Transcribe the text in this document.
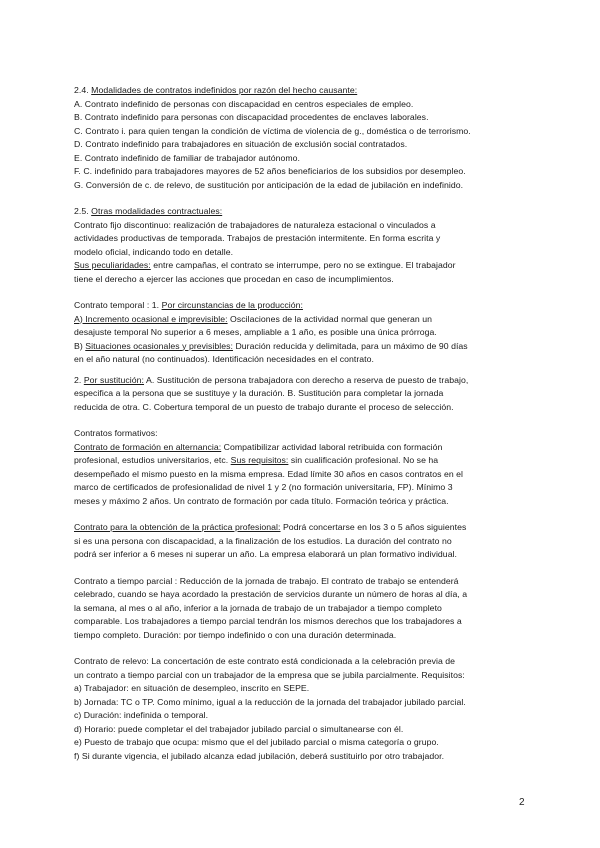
2.4. Modalidades de contratos indefinidos por razón del hecho causante:
A. Contrato indefinido de personas con discapacidad en centros especiales de empleo.
B. Contrato indefinido para personas con discapacidad procedentes de enclaves laborales.
C. Contrato i. para quien tengan la condición de víctima de violencia de g., doméstica o de terrorismo.
D. Contrato indefinido para trabajadores en situación de exclusión social contratados.
E. Contrato indefinido de familiar de trabajador autónomo.
F. C. indefinido para trabajadores mayores de 52 años beneficiarios de los subsidios por desempleo.
G. Conversión de c. de relevo, de sustitución por anticipación de la edad de jubilación en indefinido.
2.5. Otras modalidades contractuales:
Contrato fijo discontinuo: realización de trabajadores de naturaleza estacional o vinculados a
actividades productivas de temporada. Trabajos de prestación intermitente. En forma escrita y
modelo oficial, indicando todo en detalle.
Sus peculiaridades: entre campañas, el contrato se interrumpe, pero no se extingue. El trabajador
tiene el derecho a ejercer las acciones que procedan en caso de incumplimientos.
Contrato temporal : 1. Por circunstancias de la producción:
A) Incremento ocasional e imprevisible: Oscilaciones de la actividad normal que generan un
desajuste temporal No superior a 6 meses, ampliable a 1 año, es posible una única prórroga.
B) Situaciones ocasionales y previsibles: Duración reducida y delimitada, para un máximo de 90 días
en el año natural (no continuados). Identificación necesidades en el contrato.
2. Por sustitución: A. Sustitución de persona trabajadora con derecho a reserva de puesto de trabajo,
especifica a la persona que se sustituye y la duración. B. Sustitución para completar la jornada
reducida de otra. C. Cobertura temporal de un puesto de trabajo durante el proceso de selección.
Contratos formativos:
Contrato de formación en alternancia: Compatibilizar actividad laboral retribuida con formación
profesional, estudios universitarios, etc. Sus requisitos: sin cualificación profesional. No se ha
desempeñado el mismo puesto en la misma empresa. Edad límite 30 años en casos contratos en el
marco de certificados de profesionalidad de nivel 1 y 2 (no formación universitaria, FP). Mínimo 3
meses y máximo 2 años. Un contrato de formación por cada título. Formación teórica y práctica.
Contrato para la obtención de la práctica profesional: Podrá concertarse en los 3 o 5 años siguientes
si es una persona con discapacidad, a la finalización de los estudios. La duración del contrato no
podrá ser inferior a 6 meses ni superar un año. La empresa elaborará un plan formativo individual.
Contrato a tiempo parcial : Reducción de la jornada de trabajo. El contrato de trabajo se entenderá
celebrado, cuando se haya acordado la prestación de servicios durante un número de horas al día, a
la semana, al mes o al año, inferior a la jornada de trabajo de un trabajador a tiempo completo
comparable. Los trabajadores a tiempo parcial tendrán los mismos derechos que los trabajadores a
tiempo completo. Duración: por tiempo indefinido o con una duración determinada.
Contrato de relevo: La concertación de este contrato está condicionada a la celebración previa de
un contrato a tiempo parcial con un trabajador de la empresa que se jubila parcialmente. Requisitos:
a) Trabajador: en situación de desempleo, inscrito en SEPE.
b) Jornada: TC o TP. Como mínimo, igual a la reducción de la jornada del trabajador jubilado parcial.
c) Duración: indefinida o temporal.
d) Horario: puede completar el del trabajador jubilado parcial o simultanearse con él.
e) Puesto de trabajo que ocupa: mismo que el del jubilado parcial o misma categoría o grupo.
f) Si durante vigencia, el jubilado alcanza edad jubilación, deberá sustituirlo por otro trabajador.
2
